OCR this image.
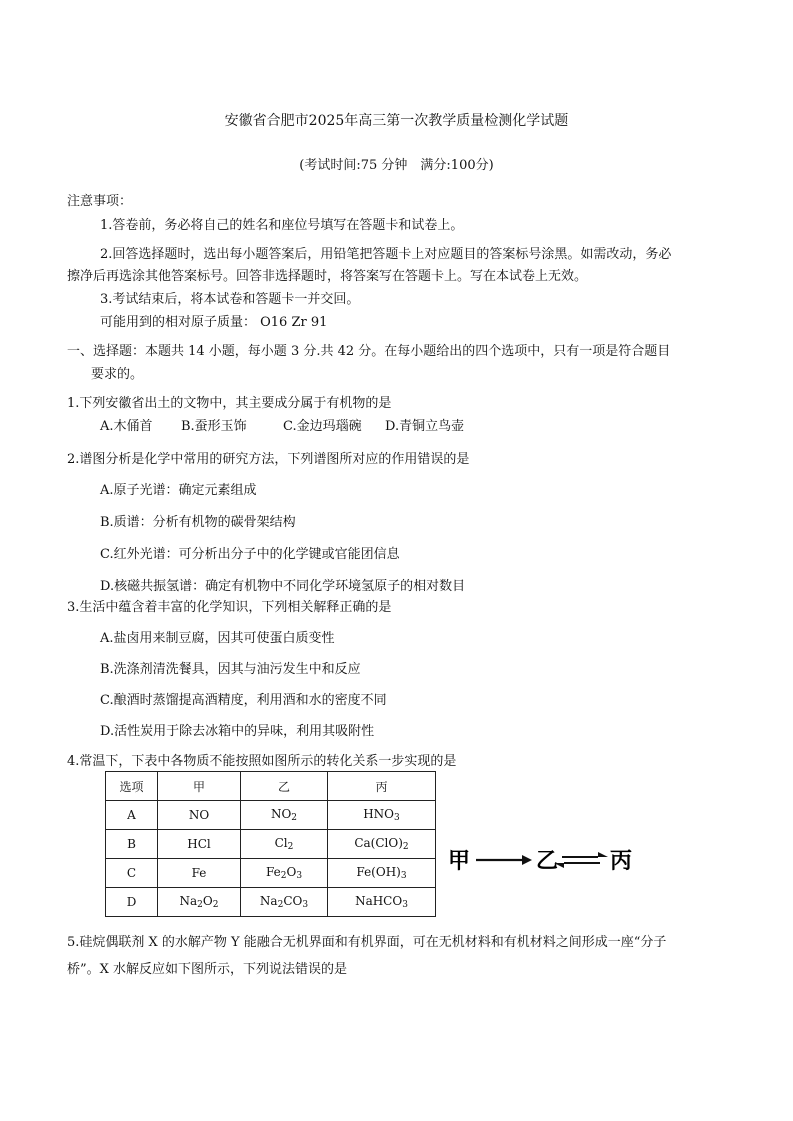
安徽省合肥市2025年高三第一次教学质量检测化学试题
(考试时间:75 分钟　满分:100分)
注意事项：
1.答卷前，务必将自己的姓名和座位号填写在答题卡和试卷上。
2.回答选择题时，选出每小题答案后，用铅笔把答题卡上对应题目的答案标号涂黑。如需改动，务必
擦净后再选涂其他答案标号。回答非选择题时，将答案写在答题卡上。写在本试卷上无效。
3.考试结束后，将本试卷和答题卡一并交回。
可能用到的相对原子质量： O16 Zr 91
一、选择题：本题共 14 小题，每小题 3 分.共 42 分。在每小题给出的四个选项中，只有一项是符合题目
要求的。
1.下列安徽省出土的文物中，其主要成分属于有机物的是
A.木俑首 B.蚕形玉饰	C.金边玛瑙碗 D.青铜立鸟壶
2.谱图分析是化学中常用的研究方法，下列谱图所对应的作用错误的是
A.原子光谱：确定元素组成
B.质谱：分析有机物的碳骨架结构
C.红外光谱：可分析出分子中的化学键或官能团信息
D.核磁共振氢谱：确定有机物中不同化学环境氢原子的相对数目
3.生活中蕴含着丰富的化学知识，下列相关解释正确的是
A.盐卤用来制豆腐，因其可使蛋白质变性
B.洗涤剂清洗餐具，因其与油污发生中和反应
C.酿酒时蒸馏提高酒精度，利用酒和水的密度不同
D.活性炭用于除去冰箱中的异味，利用其吸附性
4.常温下，下表中各物质不能按照如图所示的转化关系一步实现的是
选项	甲	乙	丙
A	NO	$NO_2$	$HNO_3$
B	HCl	$Cl_2$	$Ca(ClO)_2$
C	Fe	$Fe_2O_3$	$Fe(OH)_3$
D	$Na_2O_2$	$Na_2CO_3$	NaHCO$_3$
甲	乙 丙
5.硅烷偶联剂 X 的水解产物 Y 能融合无机界面和有机界面，可在无机材料和有机材料之间形成一座“分子
桥”。X 水解反应如下图所示，下列说法错误的是
